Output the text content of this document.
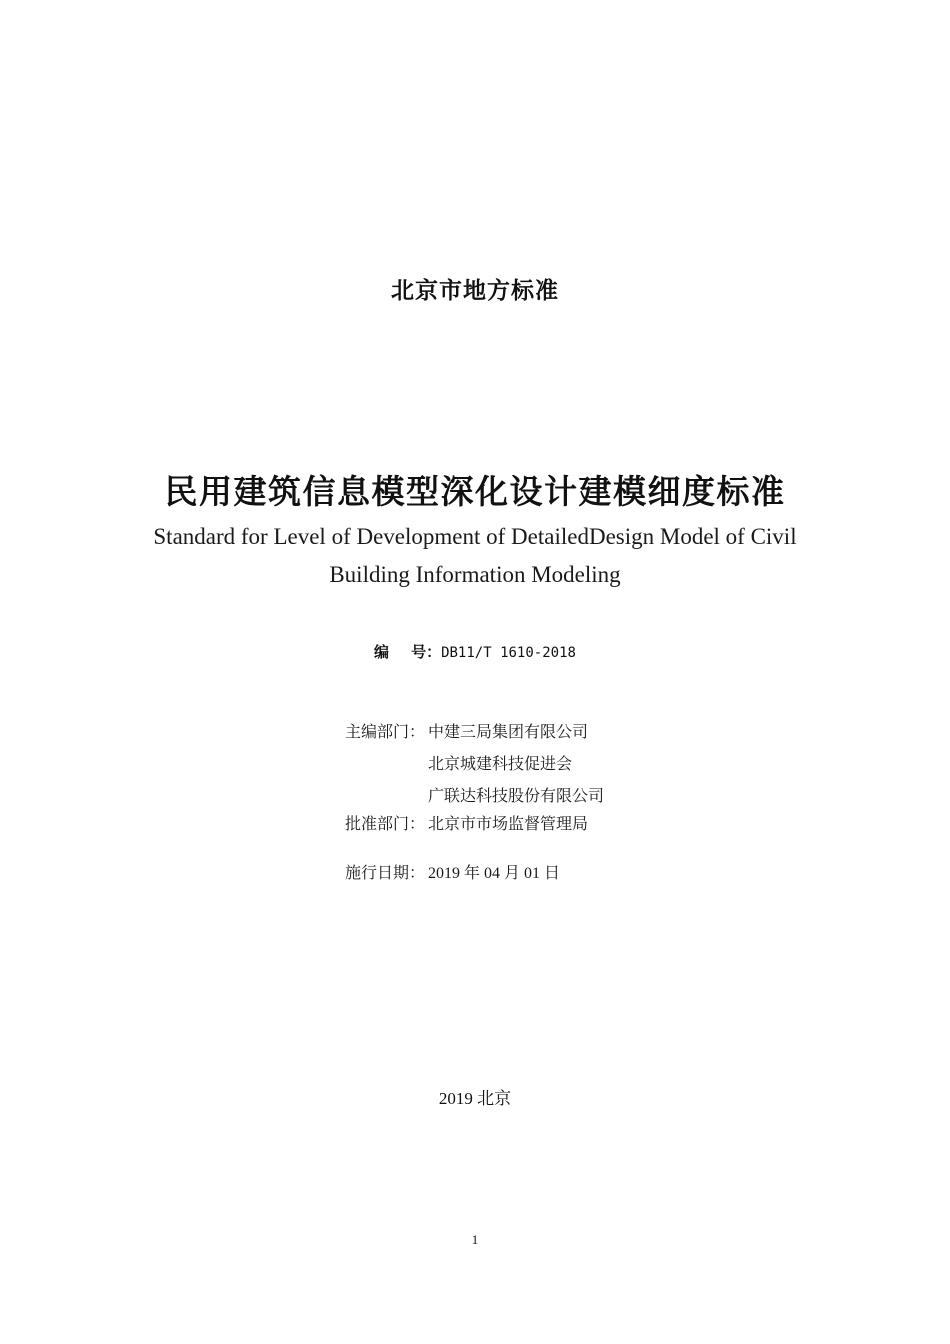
北京市地方标准
民用建筑信息模型深化设计建模细度标准
Standard for Level of Development of DetailedDesign Model of Civil
Building Information Modeling
编 号：DB11/T 1610-2018
主编部门： 中建三局集团有限公司
北京城建科技促进会
广联达科技股份有限公司
批准部门： 北京市市场监督管理局
施行日期： 2019 年 04 月 01 日
2019 北京
1
